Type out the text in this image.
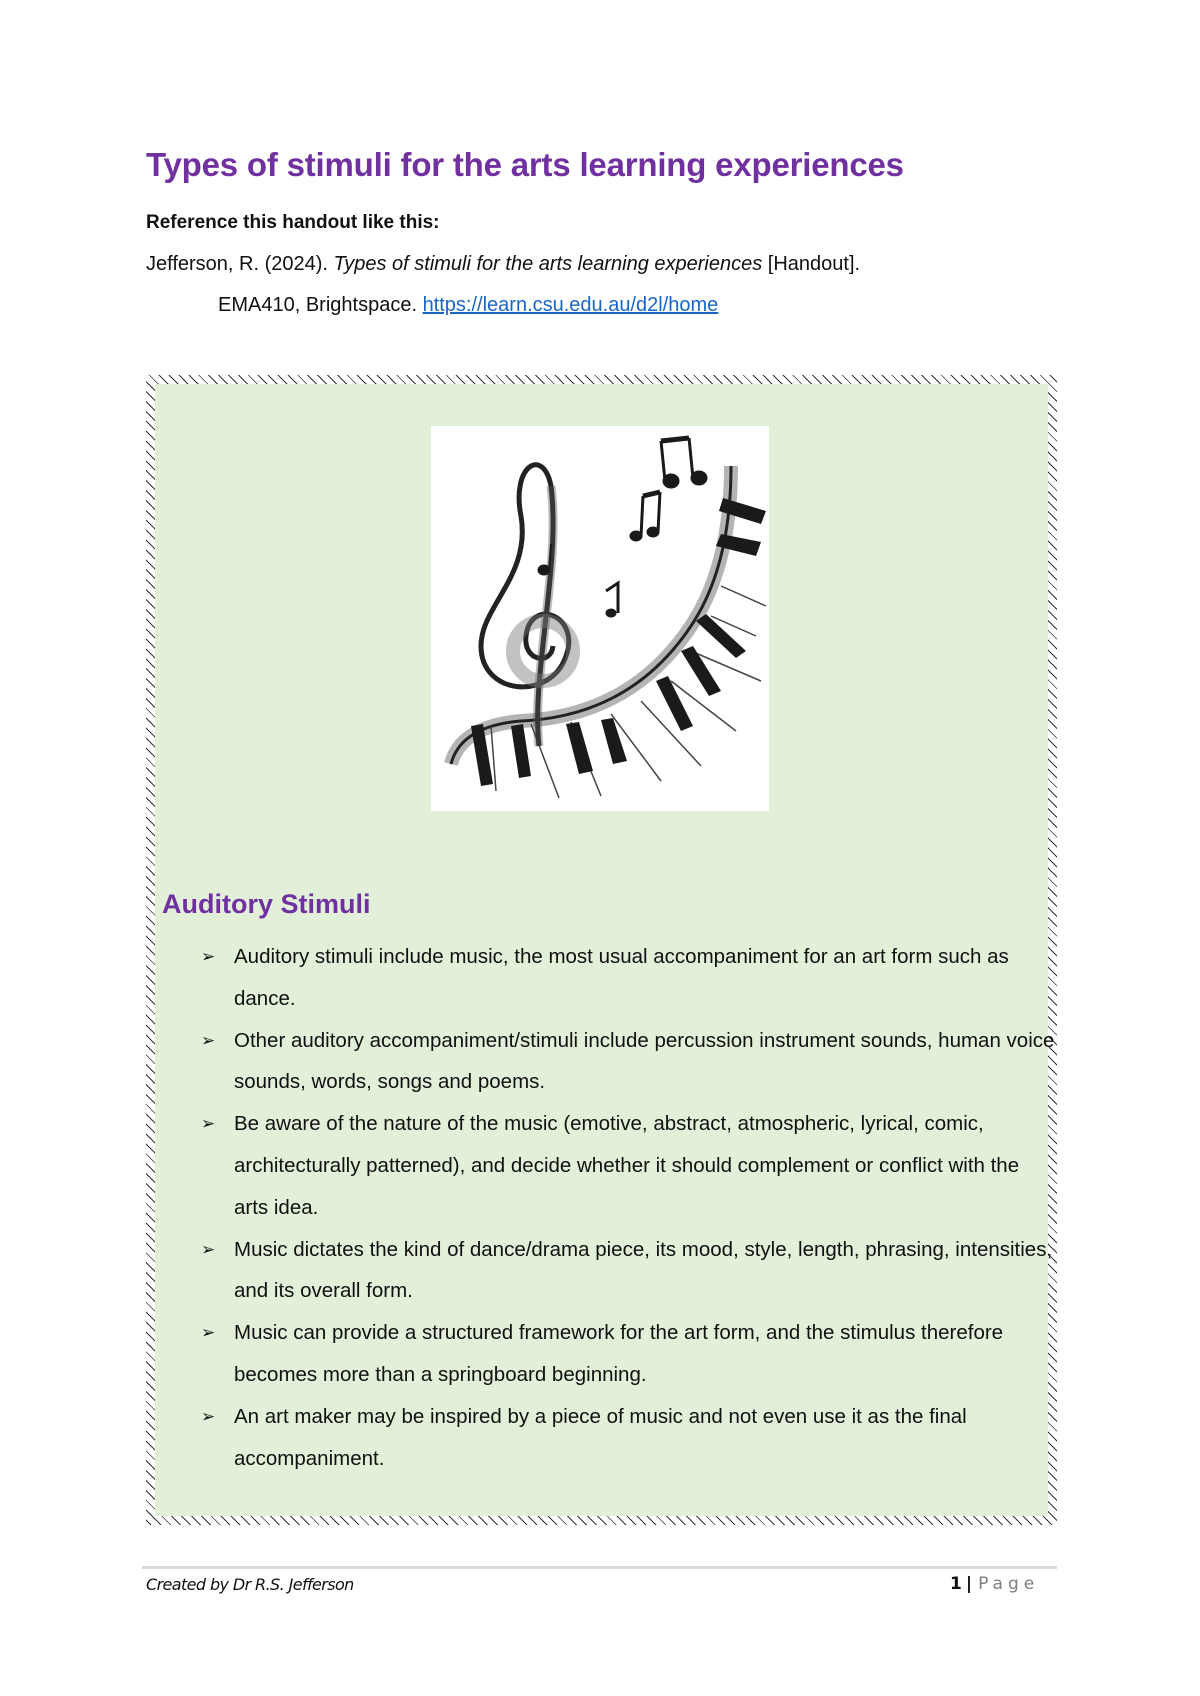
Types of stimuli for the arts learning experiences
Reference this handout like this:
Jefferson, R. (2024). Types of stimuli for the arts learning experiences [Handout].
EMA410, Brightspace. https://learn.csu.edu.au/d2l/home
Auditory Stimuli
➢ Auditory stimuli include music, the most usual accompaniment for an art form such as dance.
➢ Other auditory accompaniment/stimuli include percussion instrument sounds, human voice sounds, words, songs and poems.
➢ Be aware of the nature of the music (emotive, abstract, atmospheric, lyrical, comic, architecturally patterned), and decide whether it should complement or conflict with the arts idea.
➢ Music dictates the kind of dance/drama piece, its mood, style, length, phrasing, intensities, and its overall form.
➢ Music can provide a structured framework for the art form, and the stimulus therefore becomes more than a springboard beginning.
➢ An art maker may be inspired by a piece of music and not even use it as the final accompaniment.
Created by Dr R.S. Jefferson	1 | Page
